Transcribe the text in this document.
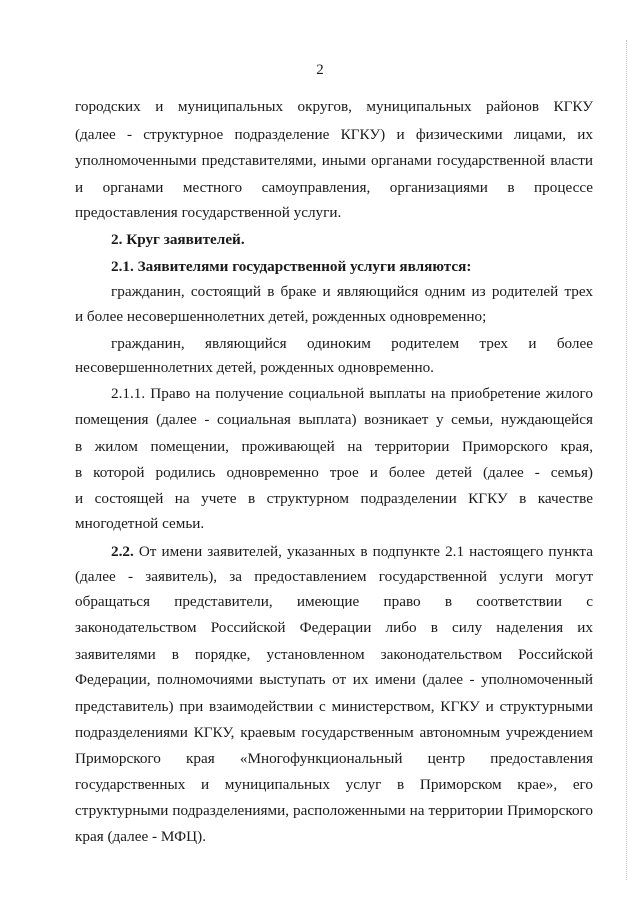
2
городских и муниципальных округов, муниципальных районов КГКУ
(далее - структурное подразделение КГКУ) и физическими лицами, их
уполномоченными представителями, иными органами государственной власти
и органами местного самоуправления, организациями в процессе
предоставления государственной услуги.
2. Круг заявителей.
2.1. Заявителями государственной услуги являются:
гражданин, состоящий в браке и являющийся одним из родителей трех
и более несовершеннолетних детей, рожденных одновременно;
гражданин, являющийся одиноким родителем трех и более
несовершеннолетних детей, рожденных одновременно.
2.1.1. Право на получение социальной выплаты на приобретение жилого
помещения (далее - социальная выплата) возникает у семьи, нуждающейся
в жилом помещении, проживающей на территории Приморского края,
в которой родились одновременно трое и более детей (далее - семья)
и состоящей на учете в структурном подразделении КГКУ в качестве
многодетной семьи.
2.2. От имени заявителей, указанных в подпункте 2.1 настоящего пункта
(далее - заявитель), за предоставлением государственной услуги могут
обращаться представители, имеющие право в соответствии с
законодательством Российской Федерации либо в силу наделения их
заявителями в порядке, установленном законодательством Российской
Федерации, полномочиями выступать от их имени (далее - уполномоченный
представитель) при взаимодействии с министерством, КГКУ и структурными
подразделениями КГКУ, краевым государственным автономным учреждением
Приморского края «Многофункциональный центр предоставления
государственных и муниципальных услуг в Приморском крае», его
структурными подразделениями, расположенными на территории Приморского
края (далее - МФЦ).
